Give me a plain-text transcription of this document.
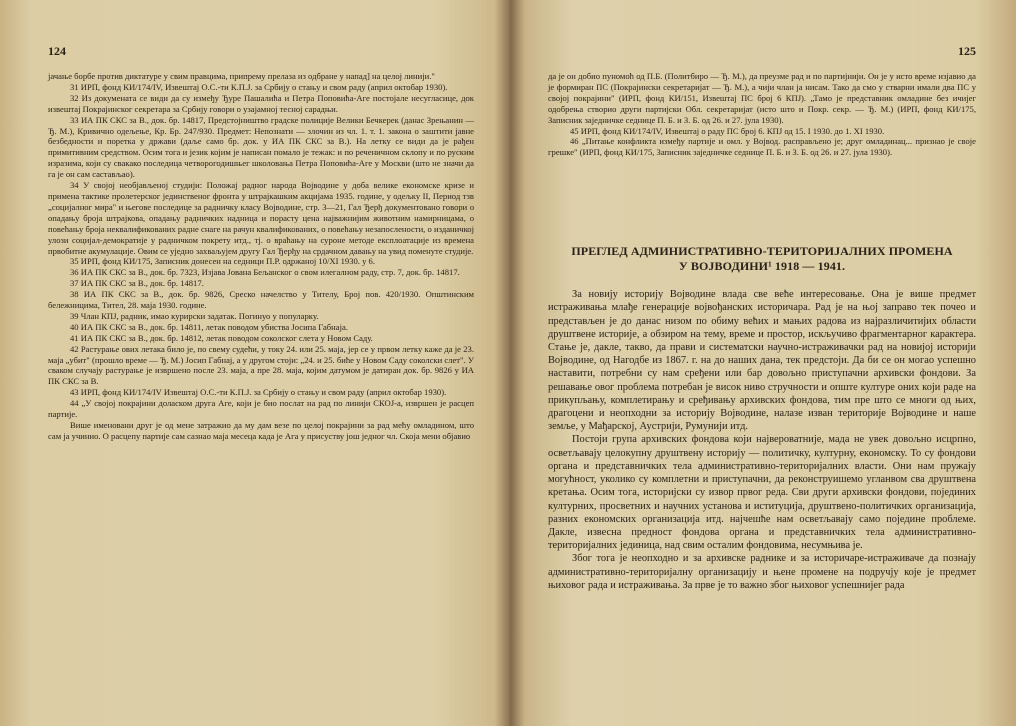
124

јачање борбе против диктатуре у свим правцима, припрему прелаза из одбране у напад] на целој линији."

31 ИРП, фонд КИ/174/IV, Извештај О.С.-ти К.П.Ј. за Србију о стању и свом раду (април октобар 1930).

32 Из докумената се види да су између Ђуре Пашалића и Петра Поповића-Аге постојале несугласице, док извештај Покрајинског секретара за Србију говори о узајамној тесној сарадњи.

33 ИА ПК СКС за В., док. бр. 14817, Предстојништво градске полиције Велики Бечкерек (данас Зрењанин — Ђ. М.), Кривично одељење, Кр. Бр. 247/930. Предмет: Непознати — злочин из чл. 1. т. 1. закона о заштити јавне безбедности и поретка у држави (даље само бр. док. у ИА ПК СКС за В.). На летку се види да је рађен примитивним средством. Осим тога и језик којим је написан помало је тежак: и по реченичном склопу и по руским изразима, који су свакако последица четворогодишњег школовања Петра Поповића-Аге у Москви (што не значи да га је он сам састављао).

34 У својој необјављеној студији: Положај радног народа Војводине у доба велике економске кризе и примена тактике пролетерског јединственог фронта у штрајкашким акцијама 1935. године, у одељку II, Период тзв „социјалног мира" и његове последице за радничку класу Војводине, стр. 3—21, Гал Ђерђ документовано говори о опадању броја штрајкова, опадању радничких надница и порасту цена најважнијим животним намирницама, о повећању броја неквалификованих радне снаге на рачун квалификованих, о повећању незапослености, о изданичкој улози социјал-демократије у радничком покрету итд., тј. о враћању на суроне методе експлоатације из времена првобитне акумулације. Овим се уједно захваљујем другу Гал Ђерђу на срдачном давању на увид поменуте студије.

35 ИРП, фонд КИ/175, Записник донесен на седници П.Р. одржаној 10/XI 1930. у 6.

36 ИА ПК СКС за В., док. бр. 7323, Изјава Јована Бељанског о свом илегалном раду, стр. 7, док. бр. 14817.

37 ИА ПК СКС за В., док. бр. 14817.

38 ИА ПК СКС за В., док. бр. 9826, Среско начелство у Тителу, Број пов. 420/1930. Општинским бележницима, Тител, 28. маја 1930. године.

39 Члан КПЈ, радник, имао курирски задатак. Погинуо у популарку.

40 ИА ПК СКС за В., док. бр. 14811, летак поводом убиства Јосипа Габнаја.

41 ИА ПК СКС за В., док. бр. 14812, летак поводом соколског слета у Новом Саду.

42 Растурање ових летака било је, по свему судећи, у току 24. или 25. маја, јер се у првом летку каже да је 23. маја „убит" (прошло време — Ђ. М.) Јосип Габнај, а у другом стоји: „24. и 25. биће у Новом Саду соколски слет". У сваком случају растурање је извршено после 23. маја, а пре 28. маја, којим датумом је датиран док. бр. 9826 у ИА ПК СКС за В.

43 ИРП, фонд КИ/174/IV Извештај О.С.-ти К.П.Ј. за Србију о стању и свом раду (април октобар 1930).

44 „У својој покрајини доласком друга Аге, који је био послат на рад по линији СКОЈ-а, извршен је расцеп партије.

Више именовани друг је од мене затражио да му дам везе по целој покрајини за рад мећу омладином, што сам ја учинио. О расцепу партије сам сазнао маја месеца када је Ага у присуству још једног чл. Скоја мени објавио

125

да је он добио пуномоћ од П.Б. (Политбиро — Ђ. М.), да преузме рад и по партијнији. Он је у исто време изјавио да је формиран ПС (Покрајински секретаријат — Ђ. М.), а чији члан ја нисам. Тако да смо у стварни имали два ПС у својој покрајини" (ИРП, фонд КИ/151, Извештај ПС број 6 КПЈ). „Тамо је представник омладине без ичијег одобрења створио други партијски Обл. секретаријат (исто што и Покр. секр. — Ђ. М.) (ИРП, фонд КИ/175, Записник заједничке седнице П. Б. и З. Б. од 26. и 27. јула 1930).

45 ИРП, фонд КИ/174/IV, Извештај о раду ПС број 6. КПЈ од 15. I 1930. до 1. XI 1930.

46 „Питање конфликта између партије и омл. у Војвод. расправљено је; друг омладинац... признао је своје грешке" (ИРП, фонд КИ/175, Записник заједничке седнице П. Б. и З. Б. од 26. и 27. јула 1930).

ПРЕГЛЕД АДМИНИСТРАТИВНО-ТЕРИТОРИЈАЛНИХ ПРОМЕНА
У ВОЈВОДИНИ¹ 1918 — 1941.

За новију историју Војводине влада све веће интересовање. Она је више предмет истраживања млађе генерације војвођанских историчара. Рад је на њој заправо тек почео и представљен је до данас низом по обиму већих и мањих радова из најразличитијих области друштвене историје, а обзиром на тему, време и простор, искључиво фрагментарног карактера. Стање је, дакле, такво, да прави и систематски научно-истраживачки рад на новијој историји Војводине, од Нагодбе из 1867. г. на до наших дана, тек предстоји. Да би се он могао успешно наставити, потребни су нам сређени или бар довољно приступачни архивски фондови. За решавање овог проблема потребан је висок ниво стручности и опште културе оних који раде на прикупљању, комплетирању и сређивању архивских фондова, тим пре што се многи од њих, драгоцени и неопходни за историју Војводине, налазе изван територије Војводине и наше земље, у Мађарској, Аустрији, Румунији итд.

Постоји група архивских фондова који највероватније, мада не увек довољно исцрпно, осветљавају целокупну друштвену историју — политичку, културну, економску. То су фондови органа и представничких тела административно-територијалних власти. Они нам пружају могућност, уколико су комплетни и приступачни, да реконструишемо угланвом сва друштвена кретања. Осим тога, историјски су извор првог реда. Сви други архивски фондови, појединих културних, просветних и научних установа и иституција, друштвено-политичких организација, разних економских организација итд. најчешће нам осветљавају само поједине проблеме. Дакле, извесна предност фондова органа и представничких тела административно-територијалних јединица, над свим осталим фондовима, несумњива је.

Због тога је неопходно и за архивске раднике и за историчаре-истраживаче да познају административно-територијалну организацију и њене промене на подручју које је предмет њиховог рада и истраживања. За прве је то важно због њиховог успешнијег рада
